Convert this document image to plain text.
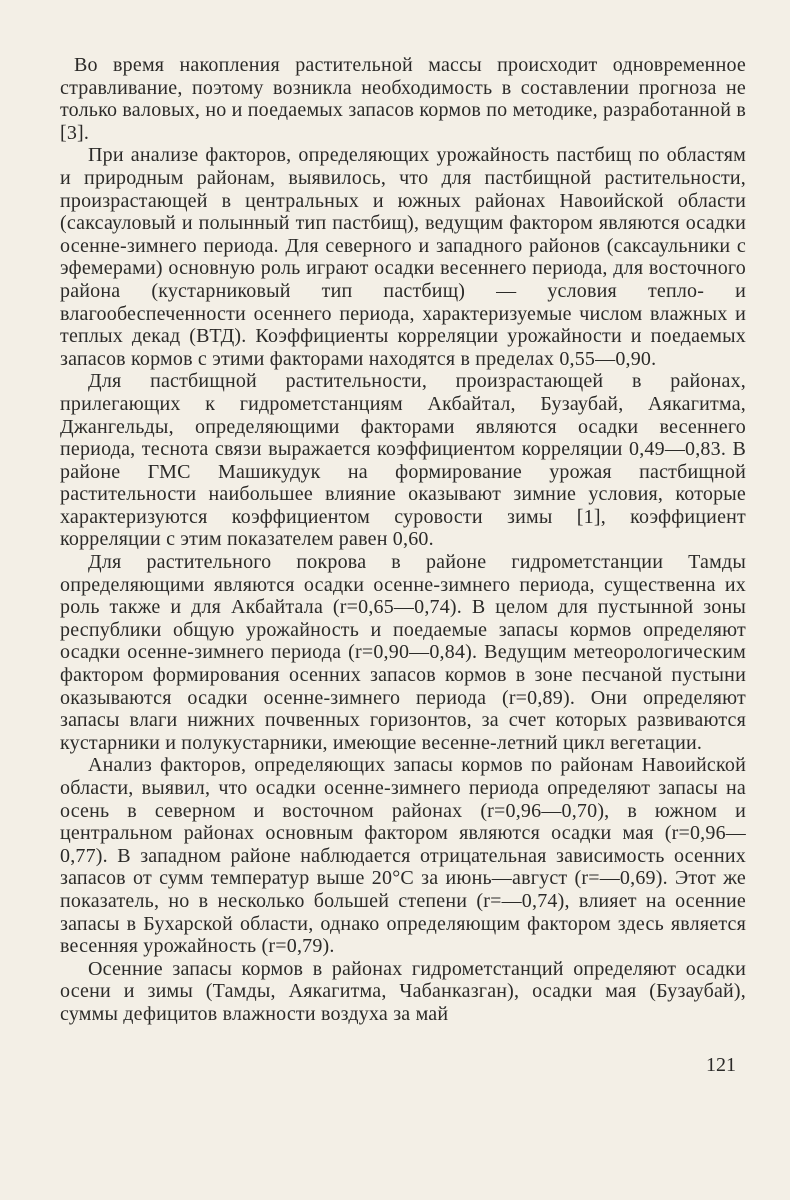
Во время накопления растительной массы происходит одновременное стравливание, поэтому возникла необходимость в составлении прогноза не только валовых, но и поедаемых запасов кормов по методике, разработанной в [3].

При анализе факторов, определяющих урожайность пастбищ по областям и природным районам, выявилось, что для пастбищной растительности, произрастающей в центральных и южных районах Навоийской области (саксауловый и полынный тип пастбищ), ведущим фактором являются осадки осенне-зимнего периода. Для северного и западного районов (саксаульники с эфемерами) основную роль играют осадки весеннего периода, для восточного района (кустарниковый тип пастбищ) — условия тепло- и влагообеспеченности осеннего периода, характеризуемые числом влажных и теплых декад (ВТД). Коэффициенты корреляции урожайности и поедаемых запасов кормов с этими факторами находятся в пределах 0,55—0,90.

Для пастбищной растительности, произрастающей в районах, прилегающих к гидрометстанциям Акбайтал, Бузаубай, Аякагитма, Джангельды, определяющими факторами являются осадки весеннего периода, теснота связи выражается коэффициентом корреляции 0,49—0,83. В районе ГМС Машикудук на формирование урожая пастбищной растительности наибольшее влияние оказывают зимние условия, которые характеризуются коэффициентом суровости зимы [1], коэффициент корреляции с этим показателем равен 0,60.

Для растительного покрова в районе гидрометстанции Тамды определяющими являются осадки осенне-зимнего периода, существенна их роль также и для Акбайтала (r=0,65—0,74). В целом для пустынной зоны республики общую урожайность и поедаемые запасы кормов определяют осадки осенне-зимнего периода (r=0,90—0,84). Ведущим метеорологическим фактором формирования осенних запасов кормов в зоне песчаной пустыни оказываются осадки осенне-зимнего периода (r=0,89). Они определяют запасы влаги нижних почвенных горизонтов, за счет которых развиваются кустарники и полукустарники, имеющие весенне-летний цикл вегетации.

Анализ факторов, определяющих запасы кормов по районам Навоийской области, выявил, что осадки осенне-зимнего периода определяют запасы на осень в северном и восточном районах (r=0,96—0,70), в южном и центральном районах основным фактором являются осадки мая (r=0,96—0,77). В западном районе наблюдается отрицательная зависимость осенних запасов от сумм температур выше 20°С за июнь—август (r=—0,69). Этот же показатель, но в несколько большей степени (r=—0,74), влияет на осенние запасы в Бухарской области, однако определяющим фактором здесь является весенняя урожайность (r=0,79).

Осенние запасы кормов в районах гидрометстанций определяют осадки осени и зимы (Тамды, Аякагитма, Чабанказган), осадки мая (Бузаубай), суммы дефицитов влажности воздуха за май

121
